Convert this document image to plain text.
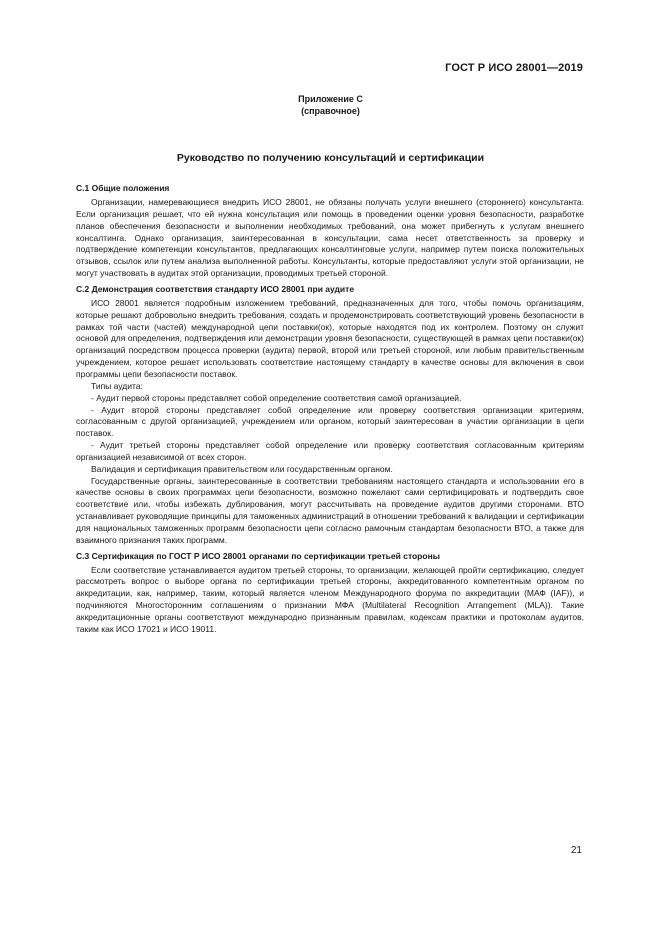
ГОСТ Р ИСО 28001—2019
Приложение С
(справочное)
Руководство по получению консультаций и сертификации
С.1 Общие положения

Организации, намеревающиеся внедрить ИСО 28001, не обязаны получать услуги внешнего (стороннего) консультанта. Если организация решает, что ей нужна консультация или помощь в проведении оценки уровня безопасности, разработке планов обеспечения безопасности и выполнении необходимых требований, она может прибегнуть к услугам внешнего консалтинга. Однако организация, заинтересованная в консультации, сама несет ответственность за проверку и подтверждение компетенции консультантов, предлагающих консалтинговые услуги, например путем поиска положительных отзывов, ссылок или путем анализа выполненной работы. Консультанты, которые предоставляют услуги этой организации, не могут участвовать в аудитах этой организации, проводимых третьей стороной.

С.2 Демонстрация соответствия стандарту ИСО 28001 при аудите

ИСО 28001 является подробным изложением требований, предназначенных для того, чтобы помочь организациям, которые решают добровольно внедрить требования, создать и продемонстрировать соответствующий уровень безопасности в рамках той части (частей) международной цепи поставки(ок), которые находятся под их контролем. Поэтому он служит основой для определения, подтверждения или демонстрации уровня безопасности, существующей в рамках цепи поставки(ок) организаций посредством процесса проверки (аудита) первой, второй или третьей стороной, или любым правительственным учреждением, которое решает использовать соответствие настоящему стандарту в качестве основы для включения в свои программы цепи безопасности поставок.

Типы аудита:

- Аудит первой стороны представляет собой определение соответствия самой организацией.

- Аудит второй стороны представляет собой определение или проверку соответствия организации критериям, согласованным с другой организацией, учреждением или органом, который заинтересован в участии организации в цепи поставок.

- Аудит третьей стороны представляет собой определение или проверку соответствия согласованным критериям организацией независимой от всех сторон.

Валидация и сертификация правительством или государственным органом.

Государственные органы, заинтересованные в соответствии требованиям настоящего стандарта и использовании его в качестве основы в своих программах цепи безопасности, возможно пожелают сами сертифицировать и подтвердить свое соответствие или, чтобы избежать дублирования, могут рассчитывать на проведение аудитов другими сторонами. ВТО устанавливает руководящие принципы для таможенных администраций в отношении требований к валидации и сертификации для национальных таможенных программ безопасности цепи согласно рамочным стандартам безопасности ВТО, а также для взаимного признания таких программ.

С.3 Сертификация по ГОСТ Р ИСО 28001 органами по сертификации третьей стороны

Если соответствие устанавливается аудитом третьей стороны, то организации, желающей пройти сертификацию, следует рассмотреть вопрос о выборе органа по сертификации третьей стороны, аккредитованного компетентным органом по аккредитации, как, например, таким, который является членом Международного форума по аккредитации (МАФ (IAF)), и подчиняются Многосторонним соглашениям о признании МФА (Multilateral Recognition Arrangement (MLA)). Такие аккредитационные органы соответствуют международно признанным правилам, кодексам практики и протоколам аудитов, таким как ИСО 17021 и ИСО 19011.

21
